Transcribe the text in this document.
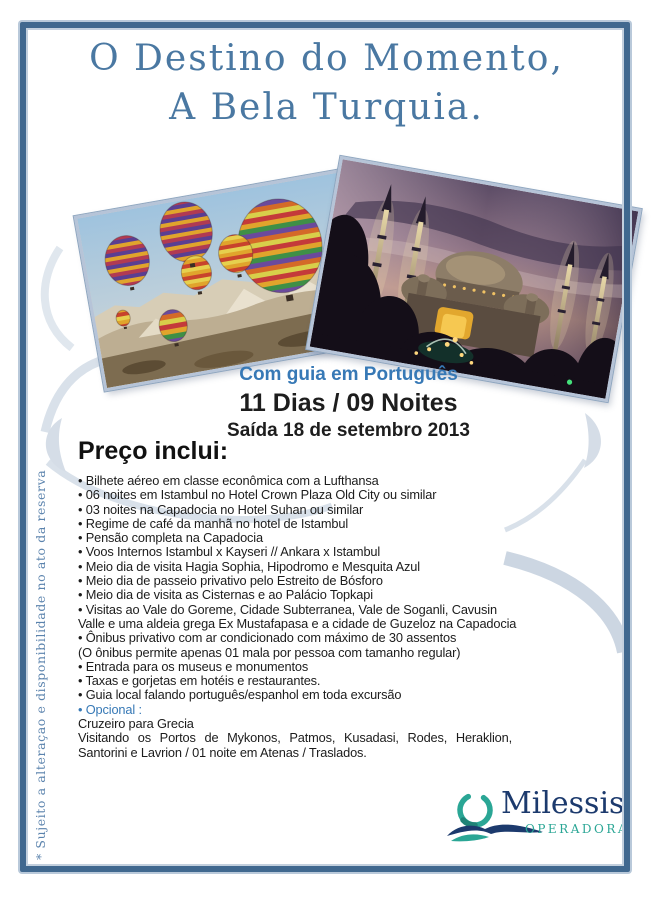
O Destino do Momento,
A Bela Turquia.
Com guia em Português
11 Dias / 09 Noites
Saída 18 de setembro 2013
Preço inclui:
• Bilhete aéreo em classe econômica com a Lufthansa
• 06 noites em Istambul no Hotel Crown Plaza Old City ou similar
• 03 noites na Capadocia no Hotel Suhan ou similar
• Regime de café da manhã no hotel de Istambul
• Pensão completa na Capadocia
• Voos Internos Istambul x Kayseri // Ankara x Istambul
• Meio dia de visita Hagia Sophia, Hipodromo e Mesquita Azul
• Meio dia de passeio privativo pelo Estreito de Bósforo
• Meio dia de visita as Cisternas e ao Palácio Topkapi
• Visitas ao Vale do Goreme, Cidade Subterranea, Vale de Soganli, Cavusin Valle e uma aldeia grega Ex Mustafapasa e a cidade de Guzeloz na Capadocia
• Ônibus privativo com ar condicionado com máximo de 30 assentos
(O ônibus permite apenas 01 mala por pessoa com tamanho regular)
• Entrada para os museus e monumentos
• Taxas e gorjetas em hotéis e restaurantes.
• Guia local falando português/espanhol em toda excursão
• Opcional :
Cruzeiro para Grecia
Visitando os Portos de Mykonos, Patmos, Kusadasi, Rodes, Heraklion, Santorini e Lavrion / 01 noite em Atenas / Traslados.
* Sujeito a alteraçao e disponibilidade no ato da reserva	Milessis
OPERADORA
